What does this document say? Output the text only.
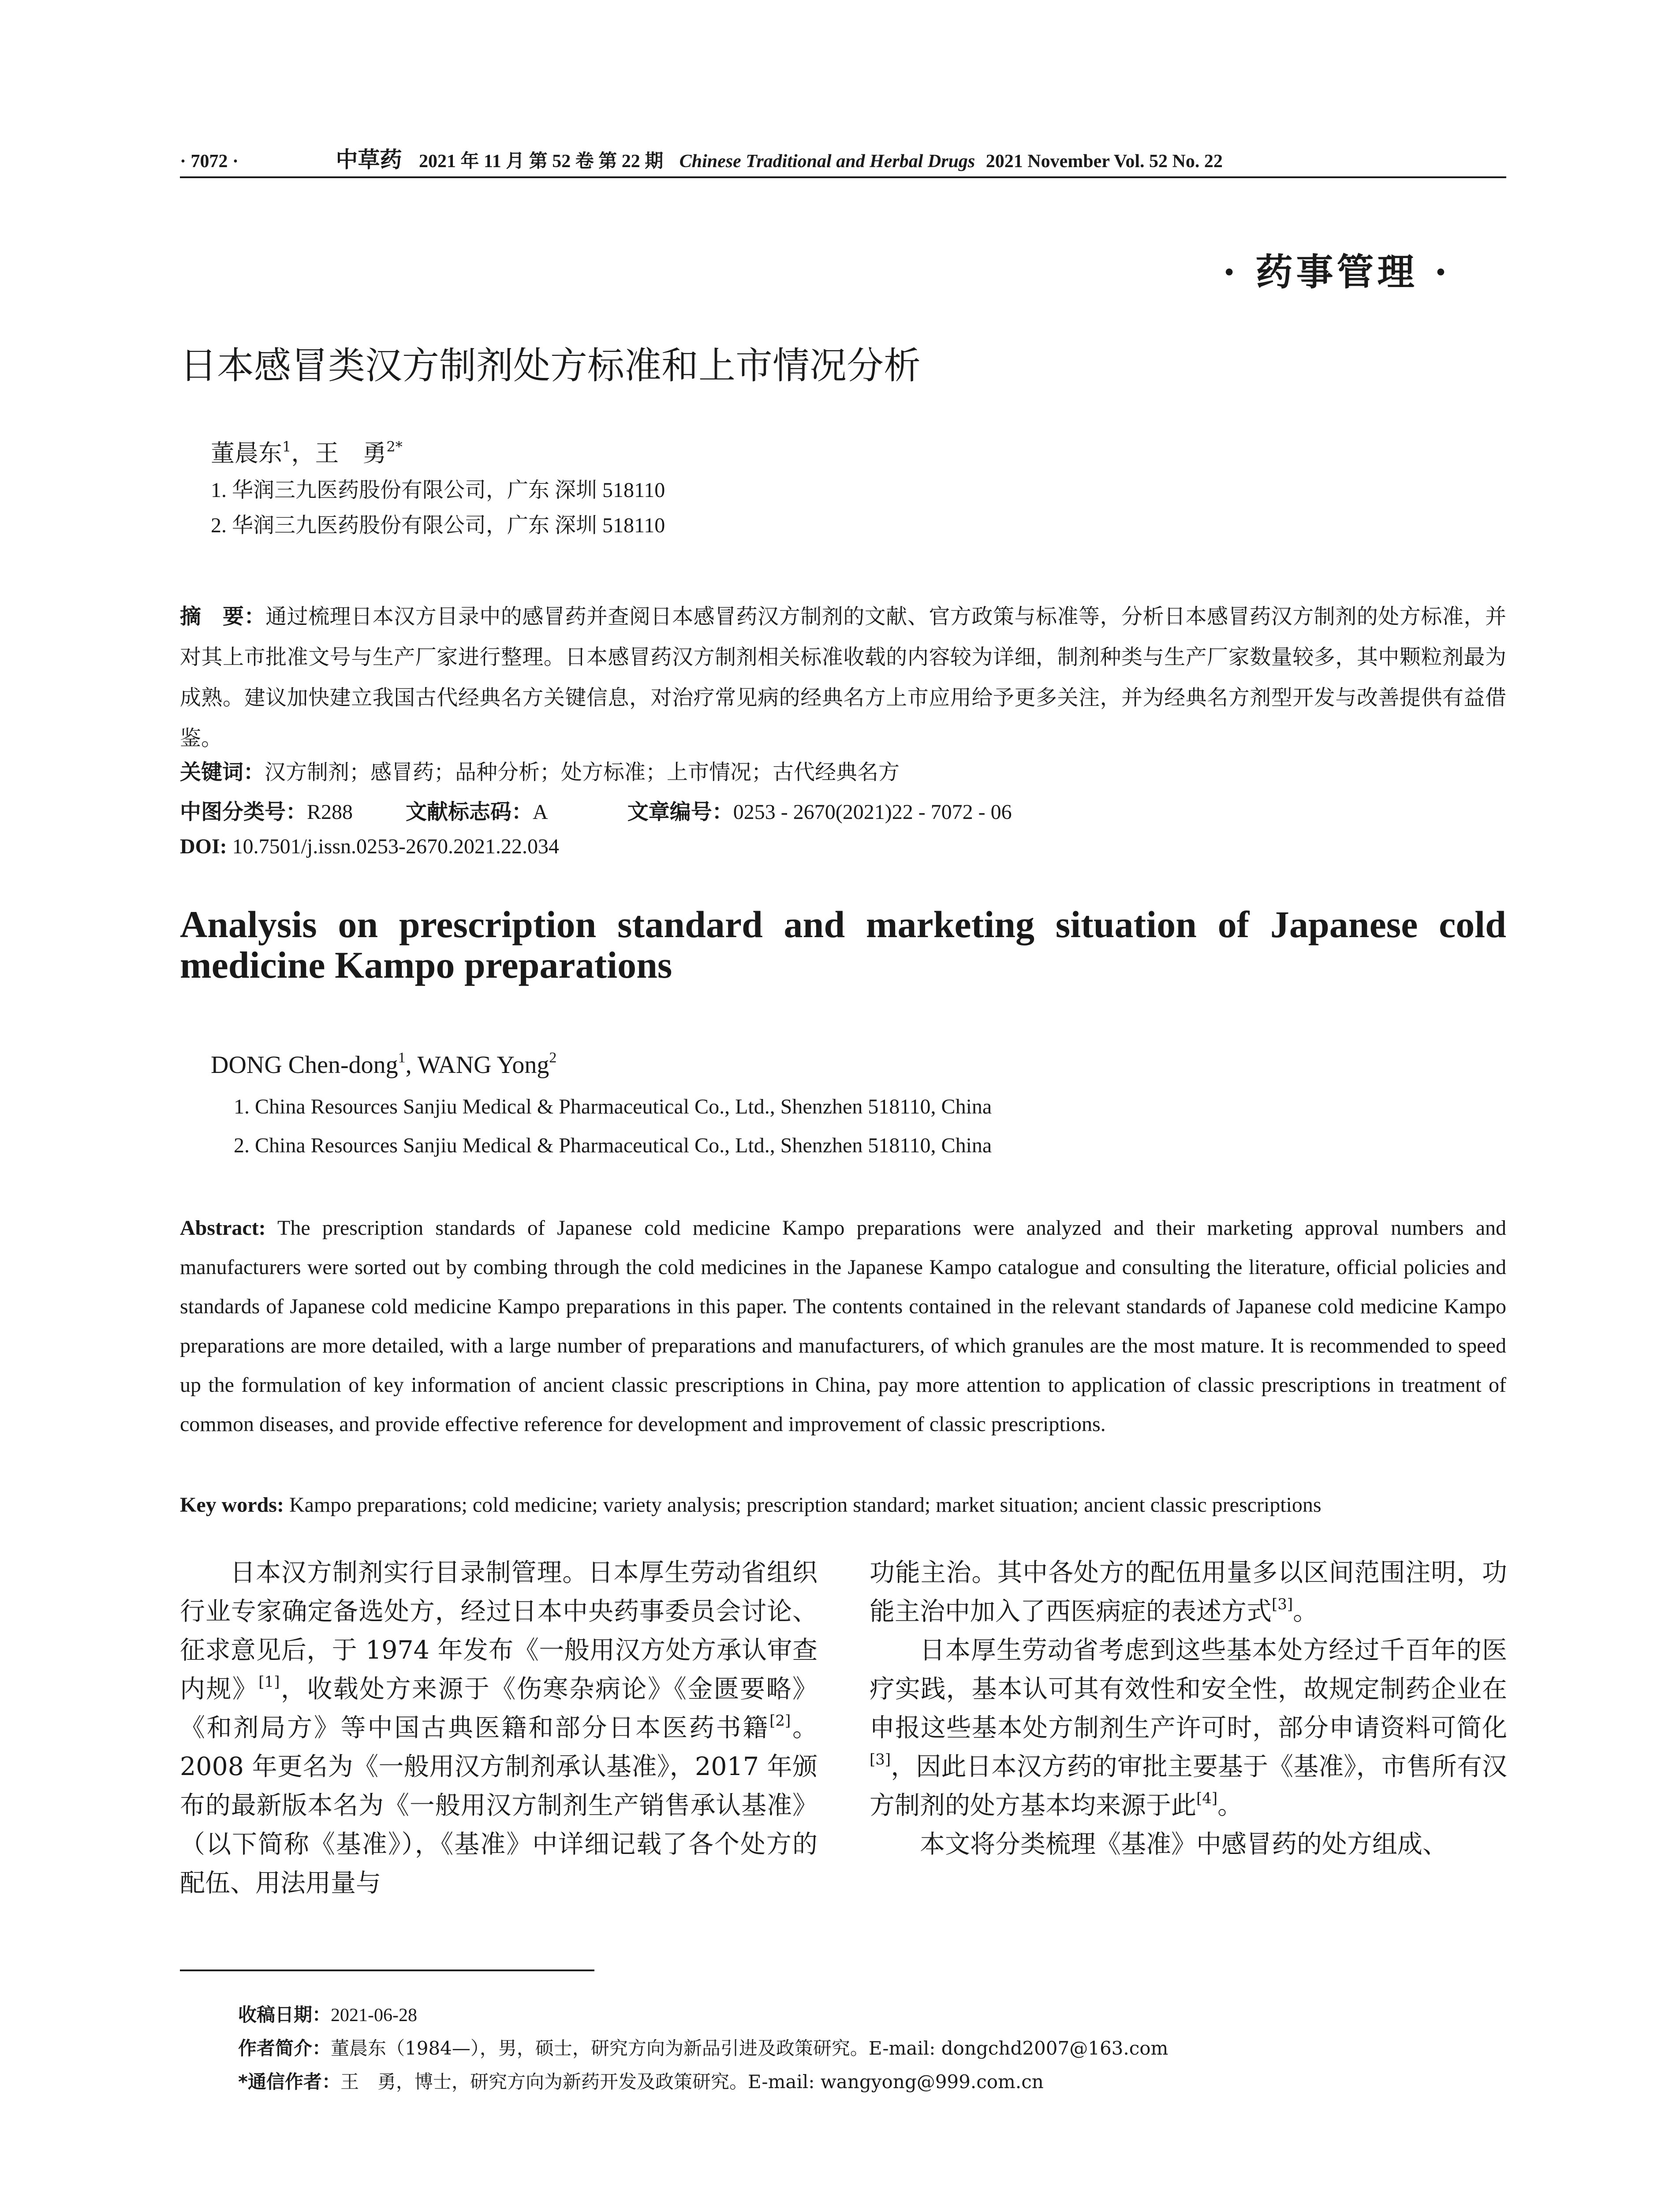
· 7072 ·	中草药 2021 年 11 月 第 52 卷 第 22 期 Chinese Traditional and Herbal Drugs 2021 November Vol. 52 No. 22
· 药事管理 ·
日本感冒类汉方制剂处方标准和上市情况分析
董晨东$^1$，王　勇$^{2*}$
1. 华润三九医药股份有限公司，广东 深圳 518110
2. 华润三九医药股份有限公司，广东 深圳 518110
摘　要：通过梳理日本汉方目录中的感冒药并查阅日本感冒药汉方制剂的文献、官方政策与标准等，分析日本感冒药汉方制剂的处方标准，并对其上市批准文号与生产厂家进行整理。日本感冒药汉方制剂相关标准收载的内容较为详细，制剂种类与生产厂家数量较多，其中颗粒剂最为成熟。建议加快建立我国古代经典名方关键信息，对治疗常见病的经典名方上市应用给予更多关注，并为经典名方剂型开发与改善提供有益借鉴。
关键词：汉方制剂；感冒药；品种分析；处方标准；上市情况；古代经典名方
中图分类号：R288	文献标志码：A	文章编号：0253 - 2670(2021)22 - 7072 - 06
DOI: 10.7501/j.issn.0253-2670.2021.22.034
Analysis on prescription standard and marketing situation of Japanese cold
medicine Kampo preparations
DONG Chen-dong$^1$, WANG Yong$^2$
1. China Resources Sanjiu Medical & Pharmaceutical Co., Ltd., Shenzhen 518110, China
2. China Resources Sanjiu Medical & Pharmaceutical Co., Ltd., Shenzhen 518110, China
Abstract: The prescription standards of Japanese cold medicine Kampo preparations were analyzed and their marketing approval numbers and manufacturers were sorted out by combing through the cold medicines in the Japanese Kampo catalogue and consulting the literature, official policies and standards of Japanese cold medicine Kampo preparations in this paper. The contents contained in the relevant standards of Japanese cold medicine Kampo preparations are more detailed, with a large number of preparations and manufacturers, of which granules are the most mature. It is recommended to speed up the formulation of key information of ancient classic prescriptions in China, pay more attention to application of classic prescriptions in treatment of common diseases, and provide effective reference for development and improvement of classic prescriptions.
Key words: Kampo preparations; cold medicine; variety analysis; prescription standard; market situation; ancient classic prescriptions

日本汉方制剂实行目录制管理。日本厚生劳动省组织行业专家确定备选处方，经过日本中央药事委员会讨论、征求意见后，于 1974 年发布《一般用汉方处方承认审查内规》[1]，收载处方来源于《伤寒杂病论》《金匮要略》《和剂局方》等中国古典医籍和部分日本医药书籍[2]。2008 年更名为《一般用汉方制剂承认基准》，2017 年颁布的最新版本名为《一般用汉方制剂生产销售承认基准》（以下简称《基准》），《基准》中详细记载了各个处方的配伍、用法用量与

功能主治。其中各处方的配伍用量多以区间范围注明，功能主治中加入了西医病症的表述方式[3]。

日本厚生劳动省考虑到这些基本处方经过千百年的医疗实践，基本认可其有效性和安全性，故规定制药企业在申报这些基本处方制剂生产许可时，部分申请资料可简化[3]，因此日本汉方药的审批主要基于《基准》，市售所有汉方制剂的处方基本均来源于此[4]。

本文将分类梳理《基准》中感冒药的处方组成、

收稿日期：2021-06-28
作者简介：董晨东（1984—），男，硕士，研究方向为新品引进及政策研究。E-mail: dongchd2007@163.com
*通信作者：王　勇，博士，研究方向为新药开发及政策研究。E-mail: wangyong@999.com.cn
